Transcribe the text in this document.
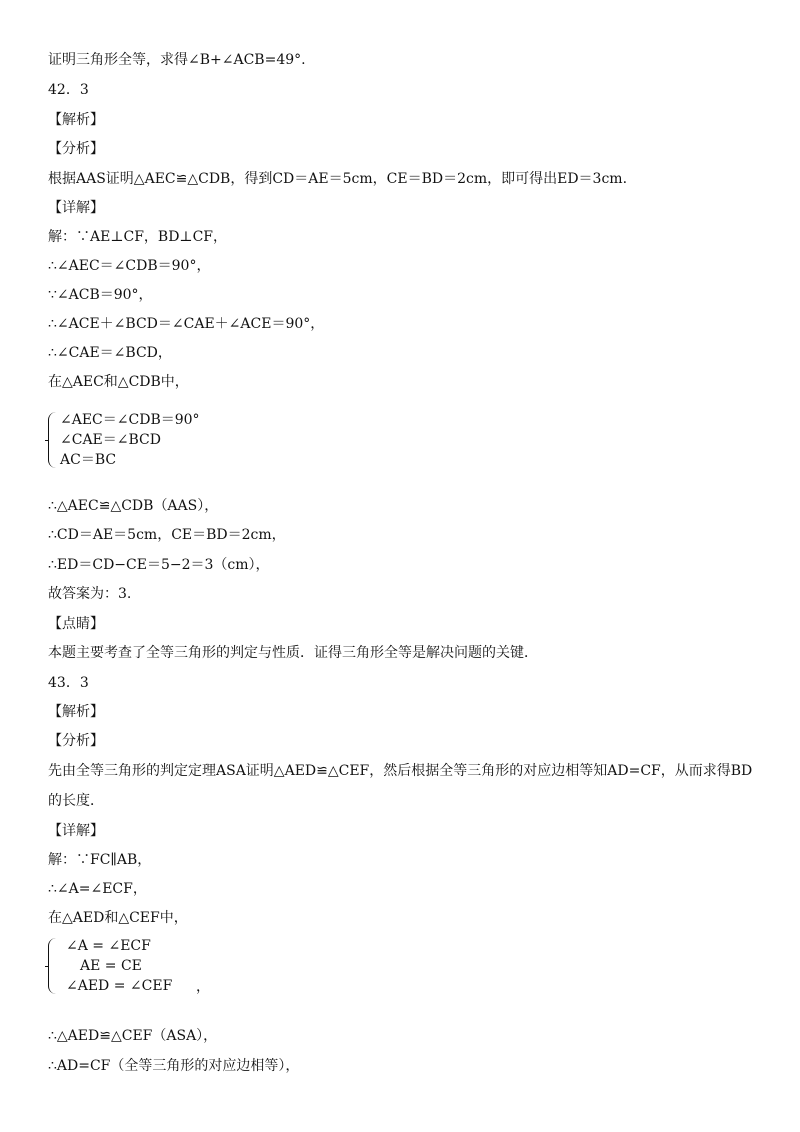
证明三角形全等，求得∠B+∠ACB=49°.
42．3
【解析】
【分析】
根据AAS证明△AEC≌△CDB，得到CD＝AE＝5cm，CE＝BD＝2cm，即可得出ED＝3cm.
【详解】
解：∵AE⊥CF，BD⊥CF，
∴∠AEC＝∠CDB＝90°，
∵∠ACB＝90°，
∴∠ACE＋∠BCD＝∠CAE＋∠ACE＝90°，
∴∠CAE＝∠BCD，
在△AEC和△CDB中，
∠AEC＝∠CDB＝90°
∠CAE＝∠BCD
AC＝BC
∴△AEC≌△CDB（AAS），
∴CD＝AE＝5cm，CE＝BD＝2cm，
∴ED＝CD−CE＝5−2＝3（cm），
故答案为：3.
【点睛】
本题主要考查了全等三角形的判定与性质．证得三角形全等是解决问题的关键．
43．3
【解析】
【分析】
先由全等三角形的判定定理ASA证明△AED≌△CEF，然后根据全等三角形的对应边相等知AD=CF，从而求得BD
的长度．
【详解】
解：∵FC∥AB，
∴∠A=∠ECF，
在△AED和△CEF中，
∠A = ∠ECF
AE = CE
∠AED = ∠CEF ，
∴△AED≌△CEF（ASA），
∴AD=CF（全等三角形的对应边相等），
